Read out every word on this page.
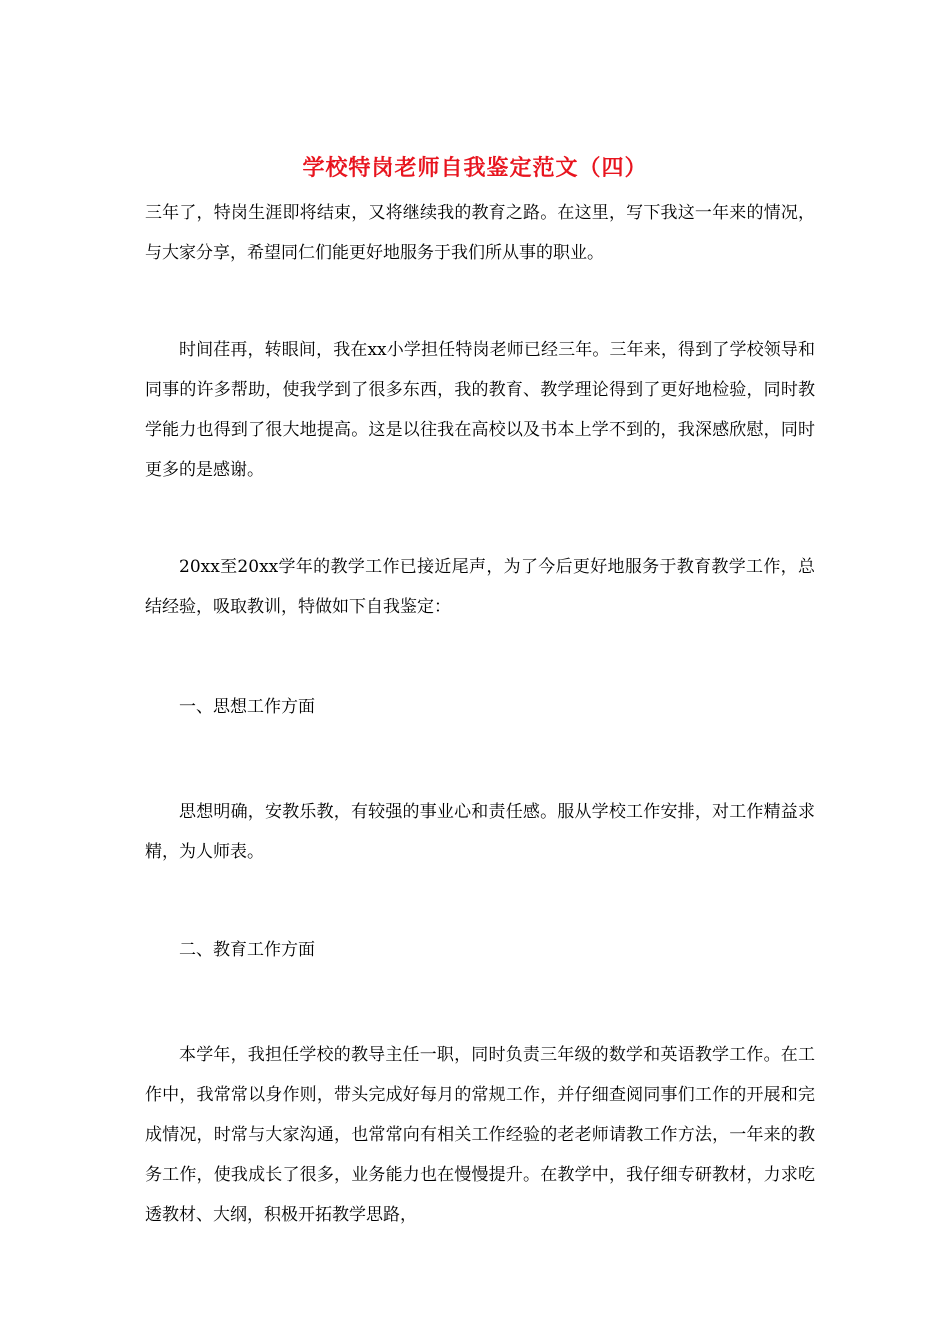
学校特岗老师自我鉴定范文（四）

三年了，特岗生涯即将结束，又将继续我的教育之路。在这里，写下我这一年来的情况，与大家分享，希望同仁们能更好地服务于我们所从事的职业。

时间荏再，转眼间，我在xx小学担任特岗老师已经三年。三年来，得到了学校领导和同事的许多帮助，使我学到了很多东西，我的教育、教学理论得到了更好地检验，同时教学能力也得到了很大地提高。这是以往我在高校以及书本上学不到的，我深感欣慰，同时更多的是感谢。

20xx至20xx学年的教学工作已接近尾声，为了今后更好地服务于教育教学工作，总结经验，吸取教训，特做如下自我鉴定：

一、思想工作方面

思想明确，安教乐教，有较强的事业心和责任感。服从学校工作安排，对工作精益求精，为人师表。

二、教育工作方面

本学年，我担任学校的教导主任一职，同时负责三年级的数学和英语教学工作。在工作中，我常常以身作则，带头完成好每月的常规工作，并仔细查阅同事们工作的开展和完成情况，时常与大家沟通，也常常向有相关工作经验的老老师请教工作方法，一年来的教务工作，使我成长了很多，业务能力也在慢慢提升。在教学中，我仔细专研教材，力求吃透教材、大纲，积极开拓教学思路，
